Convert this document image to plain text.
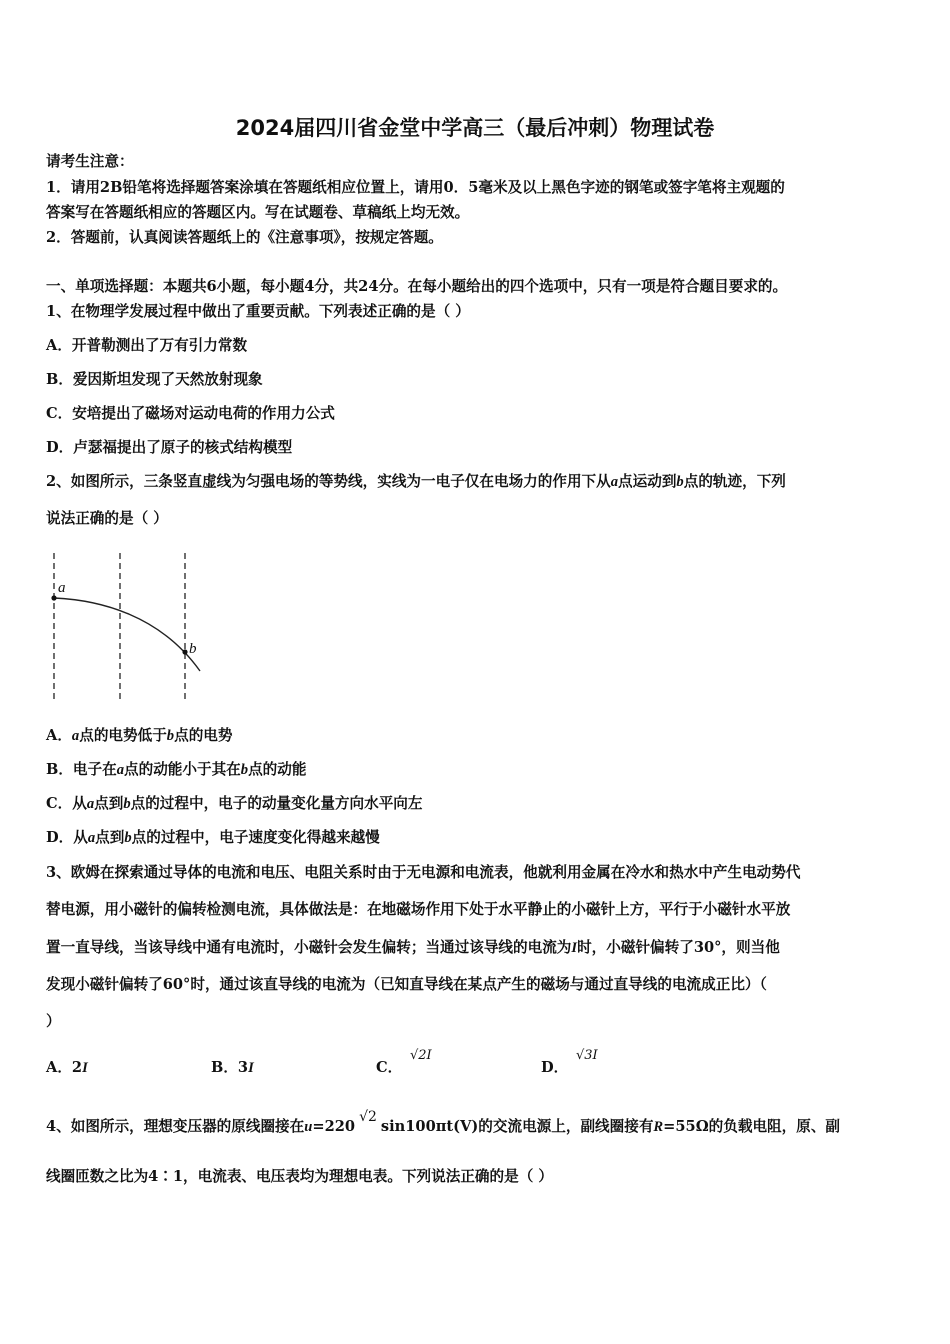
2024届四川省金堂中学高三（最后冲刺）物理试卷
请考生注意：
1．请用2B铅笔将选择题答案涂填在答题纸相应位置上，请用0．5毫米及以上黑色字迹的钢笔或签字笔将主观题的
答案写在答题纸相应的答题区内。写在试题卷、草稿纸上均无效。
2．答题前，认真阅读答题纸上的《注意事项》，按规定答题。
一、单项选择题：本题共6小题，每小题4分，共24分。在每小题给出的四个选项中，只有一项是符合题目要求的。
1、在物理学发展过程中做出了重要贡献。下列表述正确的是（ ）
A．开普勒测出了万有引力常数
B．爱因斯坦发现了天然放射现象
C．安培提出了磁场对运动电荷的作用力公式
D．卢瑟福提出了原子的核式结构模型
2、如图所示，三条竖直虚线为匀强电场的等势线，实线为一电子仅在电场力的作用下从a点运动到b点的轨迹，下列
说法正确的是（ ）
a
b
A．a点的电势低于b点的电势
B．电子在a点的动能小于其在b点的动能
C．从a点到b点的过程中，电子的动量变化量方向水平向左
D．从a点到b点的过程中，电子速度变化得越来越慢
3、欧姆在探索通过导体的电流和电压、电阻关系时由于无电源和电流表，他就利用金属在冷水和热水中产生电动势代
替电源，用小磁针的偏转检测电流，具体做法是：在地磁场作用下处于水平静止的小磁针上方，平行于小磁针水平放
置一直导线，当该导线中通有电流时，小磁针会发生偏转；当通过该导线的电流为I时，小磁针偏转了30°，则当他
发现小磁针偏转了60°时，通过该直导线的电流为（已知直导线在某点产生的磁场与通过直导线的电流成正比）（
）
A．2I	B．3I	C．
√2I
D．
√3I
4、如图所示，理想变压器的原线圈接在u=220√2sin100πt(V)的交流电源上，副线圈接有R=55Ω的负载电阻，原、副
线圈匝数之比为4∶1，电流表、电压表均为理想电表。下列说法正确的是（ ）
